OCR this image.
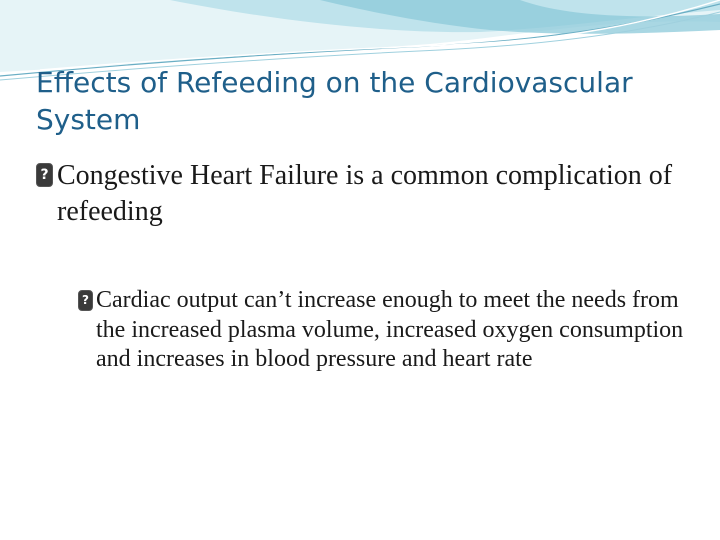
Effects of Refeeding on the Cardiovascular System
? Congestive Heart Failure is a common complication of refeeding
? Cardiac output can’t increase enough to meet the needs from the increased plasma volume, increased oxygen consumption and increases in blood pressure and heart rate
